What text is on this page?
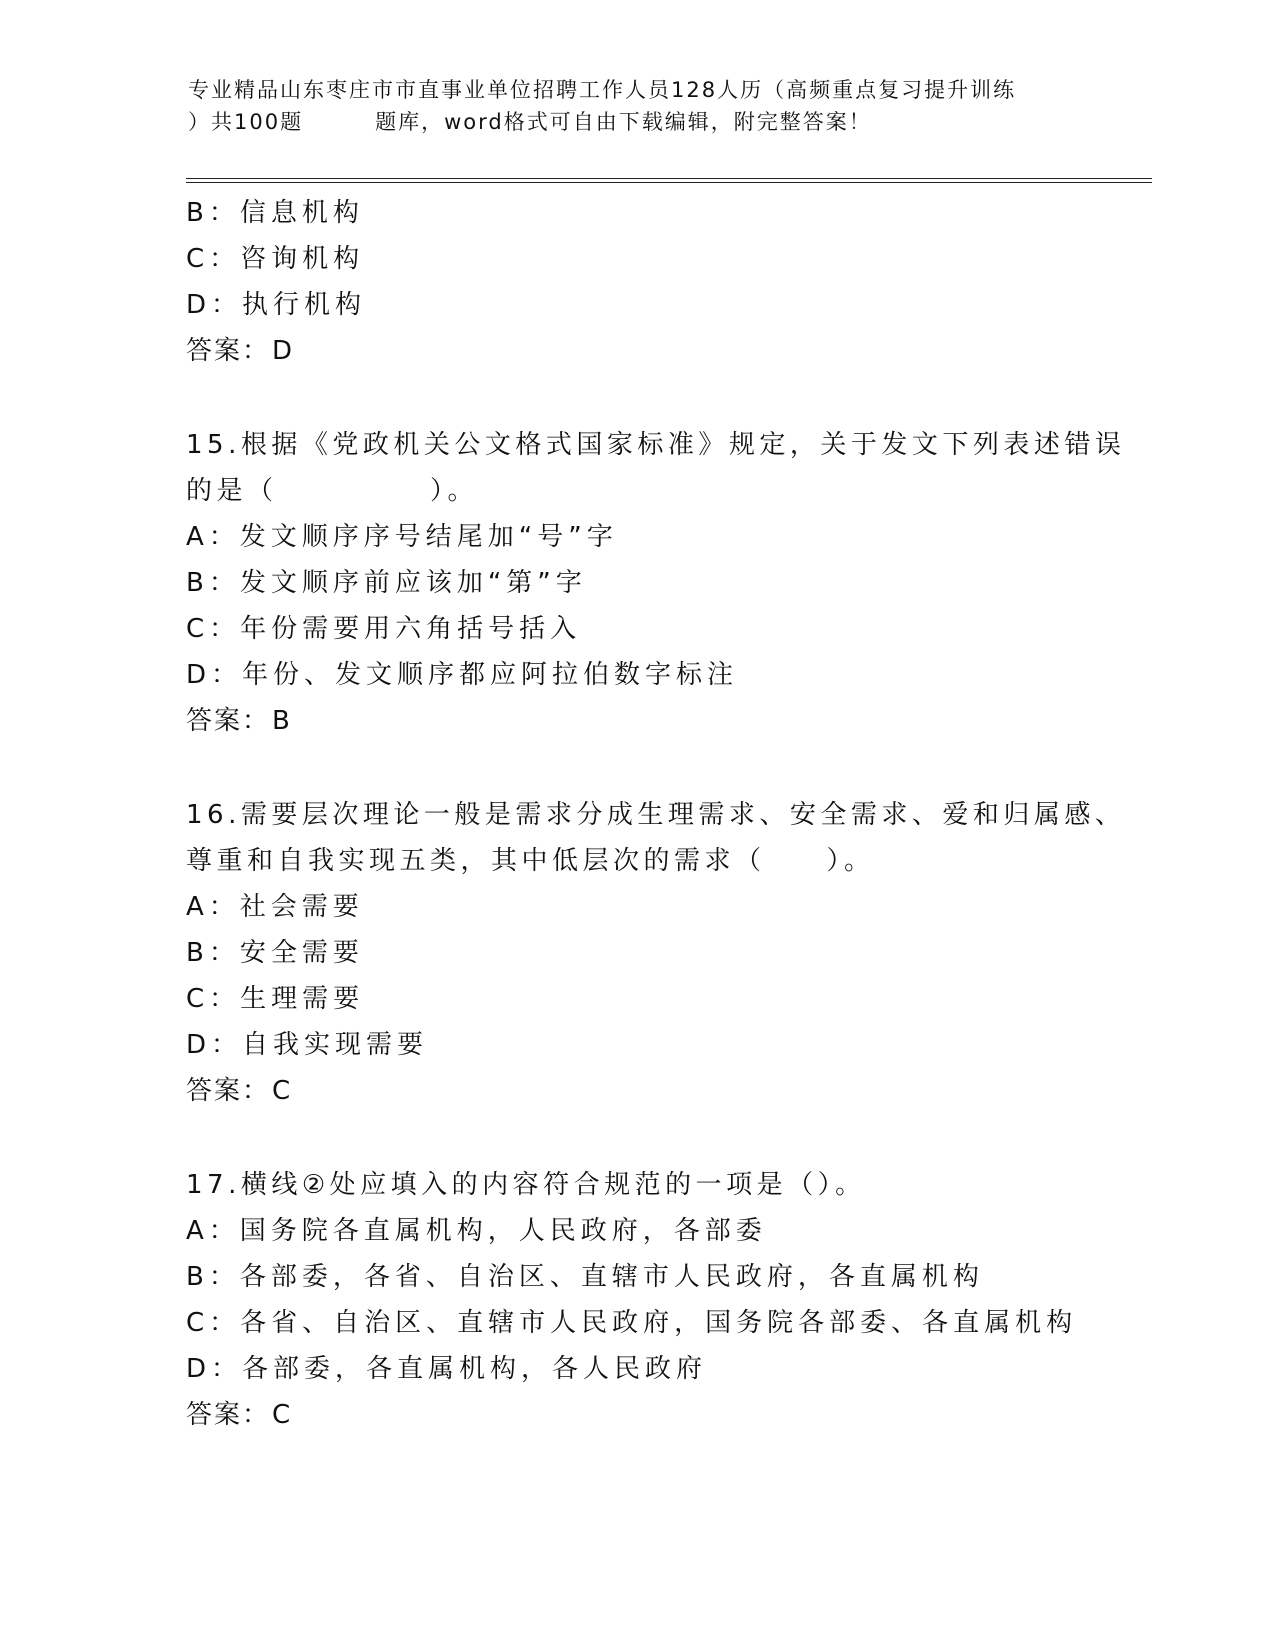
专业精品山东枣庄市市直事业单位招聘工作人员128人历（高频重点复习提升训练
）共100题	题库，word格式可自由下载编辑，附完整答案！
B：信息机构
C：咨询机构
D：执行机构
答案：D
15.根据《党政机关公文格式国家标准》规定，关于发文下列表述错误
的是（　　　　　）。
A：发文顺序序号结尾加“号”字
B：发文顺序前应该加“第”字
C：年份需要用六角括号括入
D：年份、发文顺序都应阿拉伯数字标注
答案：B
16.需要层次理论一般是需求分成生理需求、安全需求、爱和归属感、
尊重和自我实现五类，其中低层次的需求（　　）。
A：社会需要
B：安全需要
C：生理需要
D：自我实现需要
答案：C
17.横线②处应填入的内容符合规范的一项是（）。
A：国务院各直属机构，人民政府，各部委
B：各部委，各省、自治区、直辖市人民政府，各直属机构
C：各省、自治区、直辖市人民政府，国务院各部委、各直属机构
D：各部委，各直属机构，各人民政府
答案：C
